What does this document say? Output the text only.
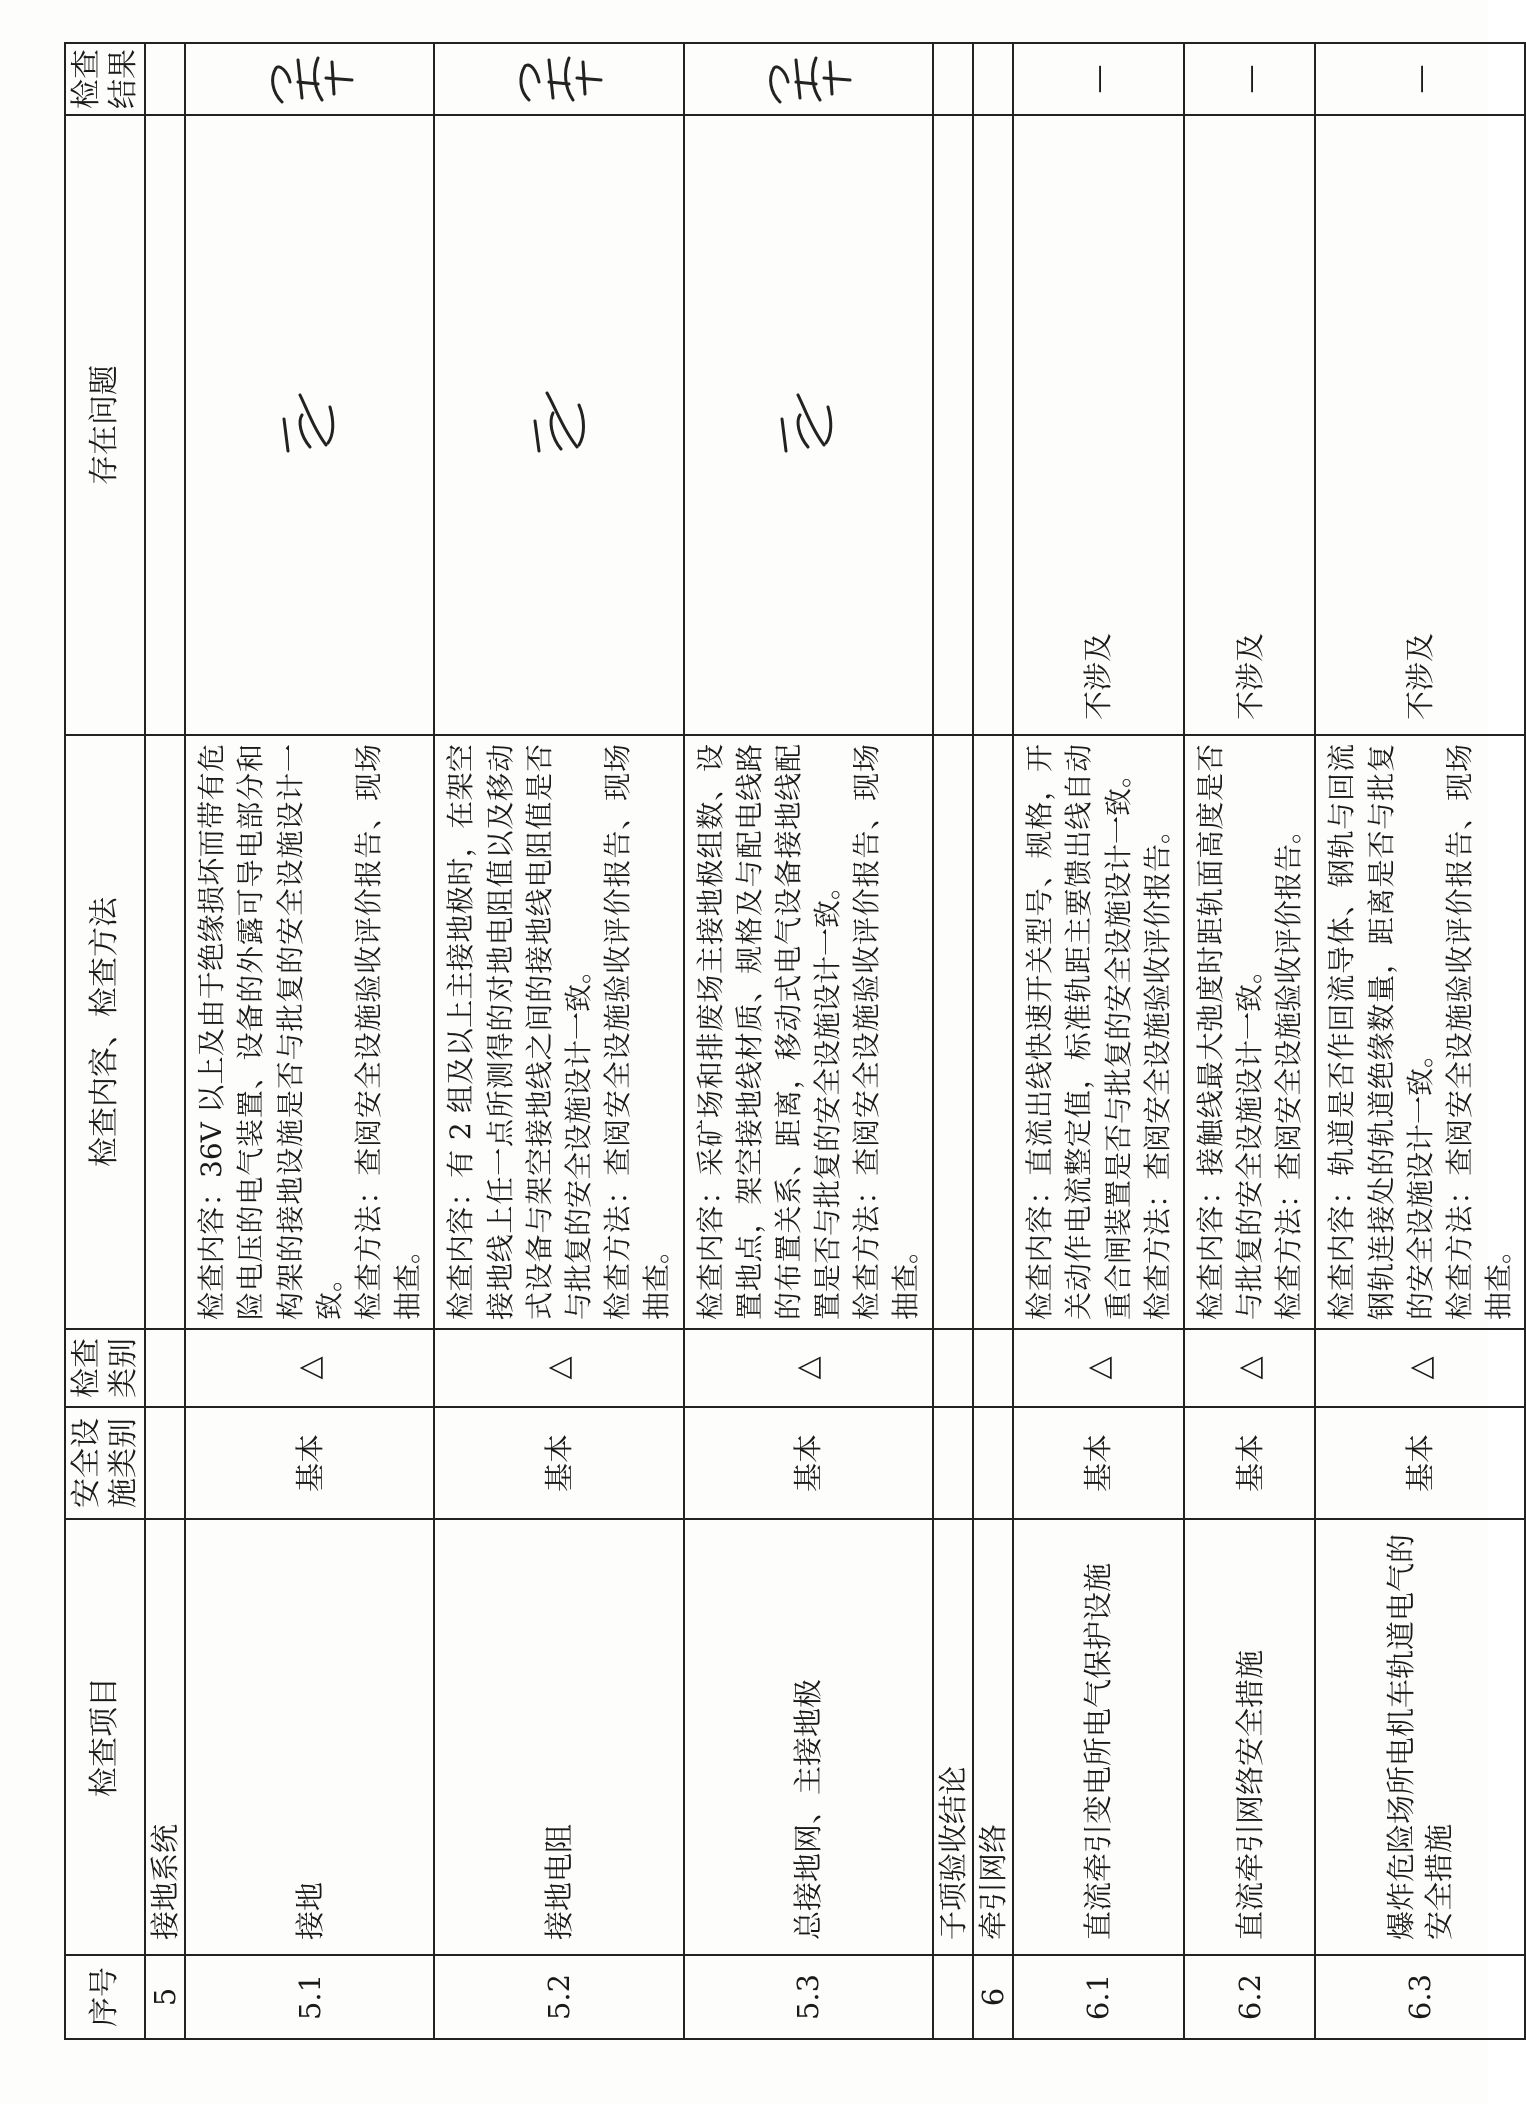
序号	检查项目	安全设施类别	检查类别	检查内容、检查方法	存在问题	检查结果
5	接地系统					
5.1	接地	基本	△	检查内容：36V 以上及由于绝缘损坏而带有危险电压的电气装置、设备的外露可导电部分和构架的接地设施是否与批复的安全设施设计一致。 检查方法：查阅安全设施验收评价报告、现场抽查。

5.2	接地电阻	基本	△	检查内容：有 2 组及以上主接地极时，在架空接地线上任一点所测得的对地电阻值以及移动式设备与架空接地线之间的接地线电阻值是否与批复的安全设施设计一致。 检查方法：查阅安全设施验收评价报告、现场抽查。

5.3	总接地网、主接地极	基本	△	检查内容：采矿场和排废场主接地极组数、设置地点，架空接地线材质、规格及与配电线路的布置关系、距离，移动式电气设备接地线配置是否与批复的安全设施设计一致。 检查方法：查阅安全设施验收评价报告、现场抽查。

	子项验收结论					
6	牵引网络					
6.1	直流牵引变电所电气保护设施	基本	△	检查内容：直流出线快速开关型号、规格，开关动作电流整定值，标准轨距主要馈出线自动重合闸装置是否与批复的安全设施设计一致。 检查方法：查阅安全设施验收评价报告。	不涉及	—
6.2	直流牵引网络安全措施	基本	△	检查内容：接触线最大弛度时距轨面高度是否与批复的安全设施设计一致。 检查方法：查阅安全设施验收评价报告。	不涉及	—
6.3	爆炸危险场所电机车轨道电气的安全措施	基本	△	检查内容：轨道是否作回流导体、钢轨与回流钢轨连接处的轨道绝缘数量，距离是否与批复的安全设施设计一致。 检查方法：查阅安全设施验收评价报告、现场抽查。	不涉及	—
